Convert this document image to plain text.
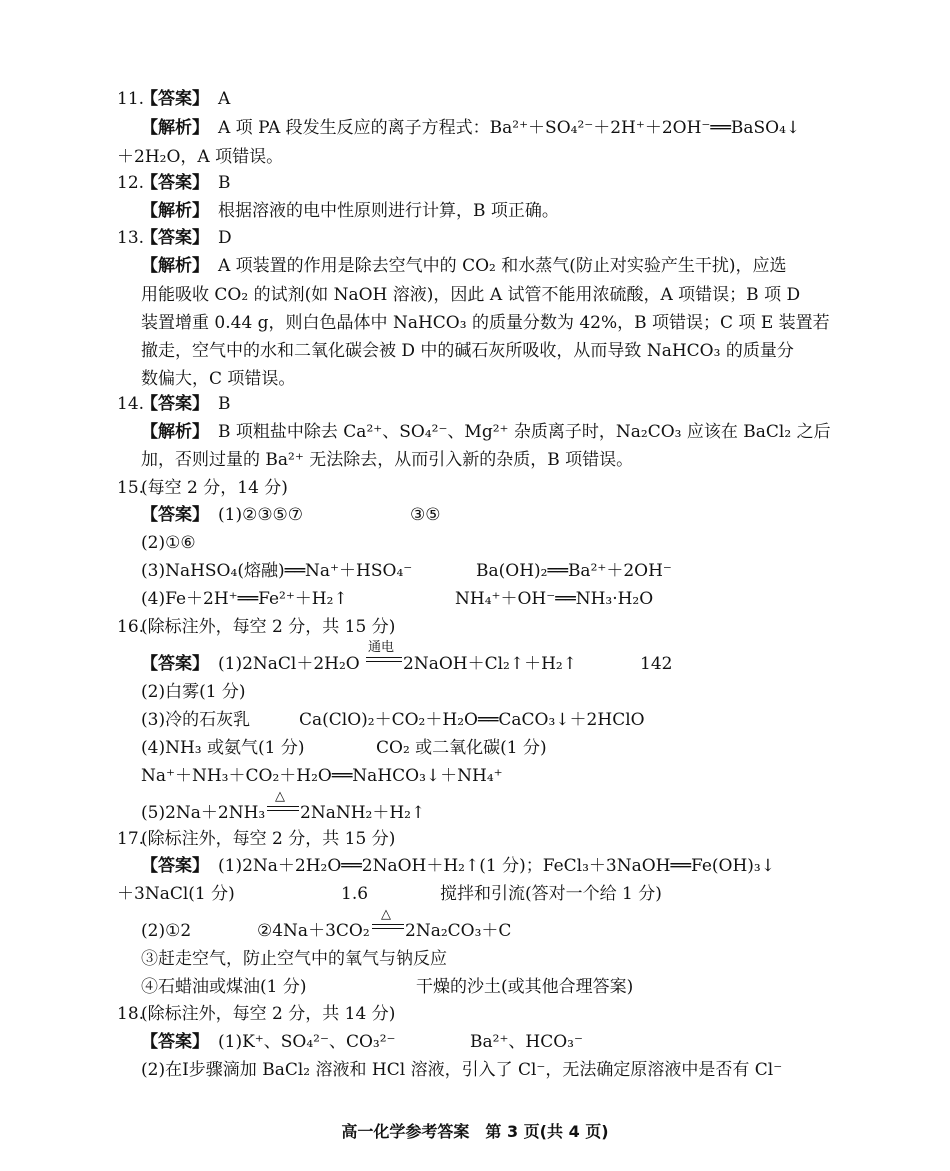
11.
【答案】 A
【解析】 A 项 PA 段发生反应的离子方程式：Ba²⁺＋SO₄²⁻＋2H⁺＋2OH⁻══BaSO₄↓
＋2H₂O，A 项错误。
12.
【答案】 B
【解析】 根据溶液的电中性原则进行计算，B 项正确。
13.
【答案】 D
【解析】 A 项装置的作用是除去空气中的 CO₂ 和水蒸气(防止对实验产生干扰)，应选
用能吸收 CO₂ 的试剂(如 NaOH 溶液)，因此 A 试管不能用浓硫酸，A 项错误；B 项 D
装置增重 0.44 g，则白色晶体中 NaHCO₃ 的质量分数为 42%，B 项错误；C 项 E 装置若
撤走，空气中的水和二氧化碳会被 D 中的碱石灰所吸收，从而导致 NaHCO₃ 的质量分
数偏大，C 项错误。
14.
【答案】 B
【解析】 B 项粗盐中除去 Ca²⁺、SO₄²⁻、Mg²⁺ 杂质离子时，Na₂CO₃ 应该在 BaCl₂ 之后
加，否则过量的 Ba²⁺ 无法除去，从而引入新的杂质，B 项错误。
15.
(每空 2 分，14 分)
【答案】 (1)②③⑤⑦	③⑤
(2)①⑥
(3)NaHSO₄(熔融)══Na⁺＋HSO₄⁻	Ba(OH)₂══Ba²⁺＋2OH⁻
(4)Fe＋2H⁺══Fe²⁺＋H₂↑	NH₄⁺＋OH⁻══NH₃·H₂O
16.
(除标注外，每空 2 分，共 15 分)
通电
【答案】 (1)2NaCl＋2H₂O	2NaOH＋Cl₂↑＋H₂↑	142
(2)白雾(1 分)
(3)冷的石灰乳	Ca(ClO)₂＋CO₂＋H₂O══CaCO₃↓＋2HClO
(4)NH₃ 或氨气(1 分)	CO₂ 或二氧化碳(1 分)
Na⁺＋NH₃＋CO₂＋H₂O══NaHCO₃↓＋NH₄⁺
△
(5)2Na＋2NH₃ 2NaNH₂＋H₂↑
17.
(除标注外，每空 2 分，共 15 分)
【答案】 (1)2Na＋2H₂O══2NaOH＋H₂↑(1 分)；FeCl₃＋3NaOH══Fe(OH)₃↓
＋3NaCl(1 分)	1.6	搅拌和引流(答对一个给 1 分)
△
(2)①2	②4Na＋3CO₂ 2Na₂CO₃＋C
③赶走空气，防止空气中的氧气与钠反应
④石蜡油或煤油(1 分)	干燥的沙土(或其他合理答案)
18.
(除标注外，每空 2 分，共 14 分)
【答案】 (1)K⁺、SO₄²⁻、CO₃²⁻	Ba²⁺、HCO₃⁻
(2)在Ⅰ步骤滴加 BaCl₂ 溶液和 HCl 溶液，引入了 Cl⁻，无法确定原溶液中是否有 Cl⁻
高一化学参考答案　第 3 页(共 4 页)
